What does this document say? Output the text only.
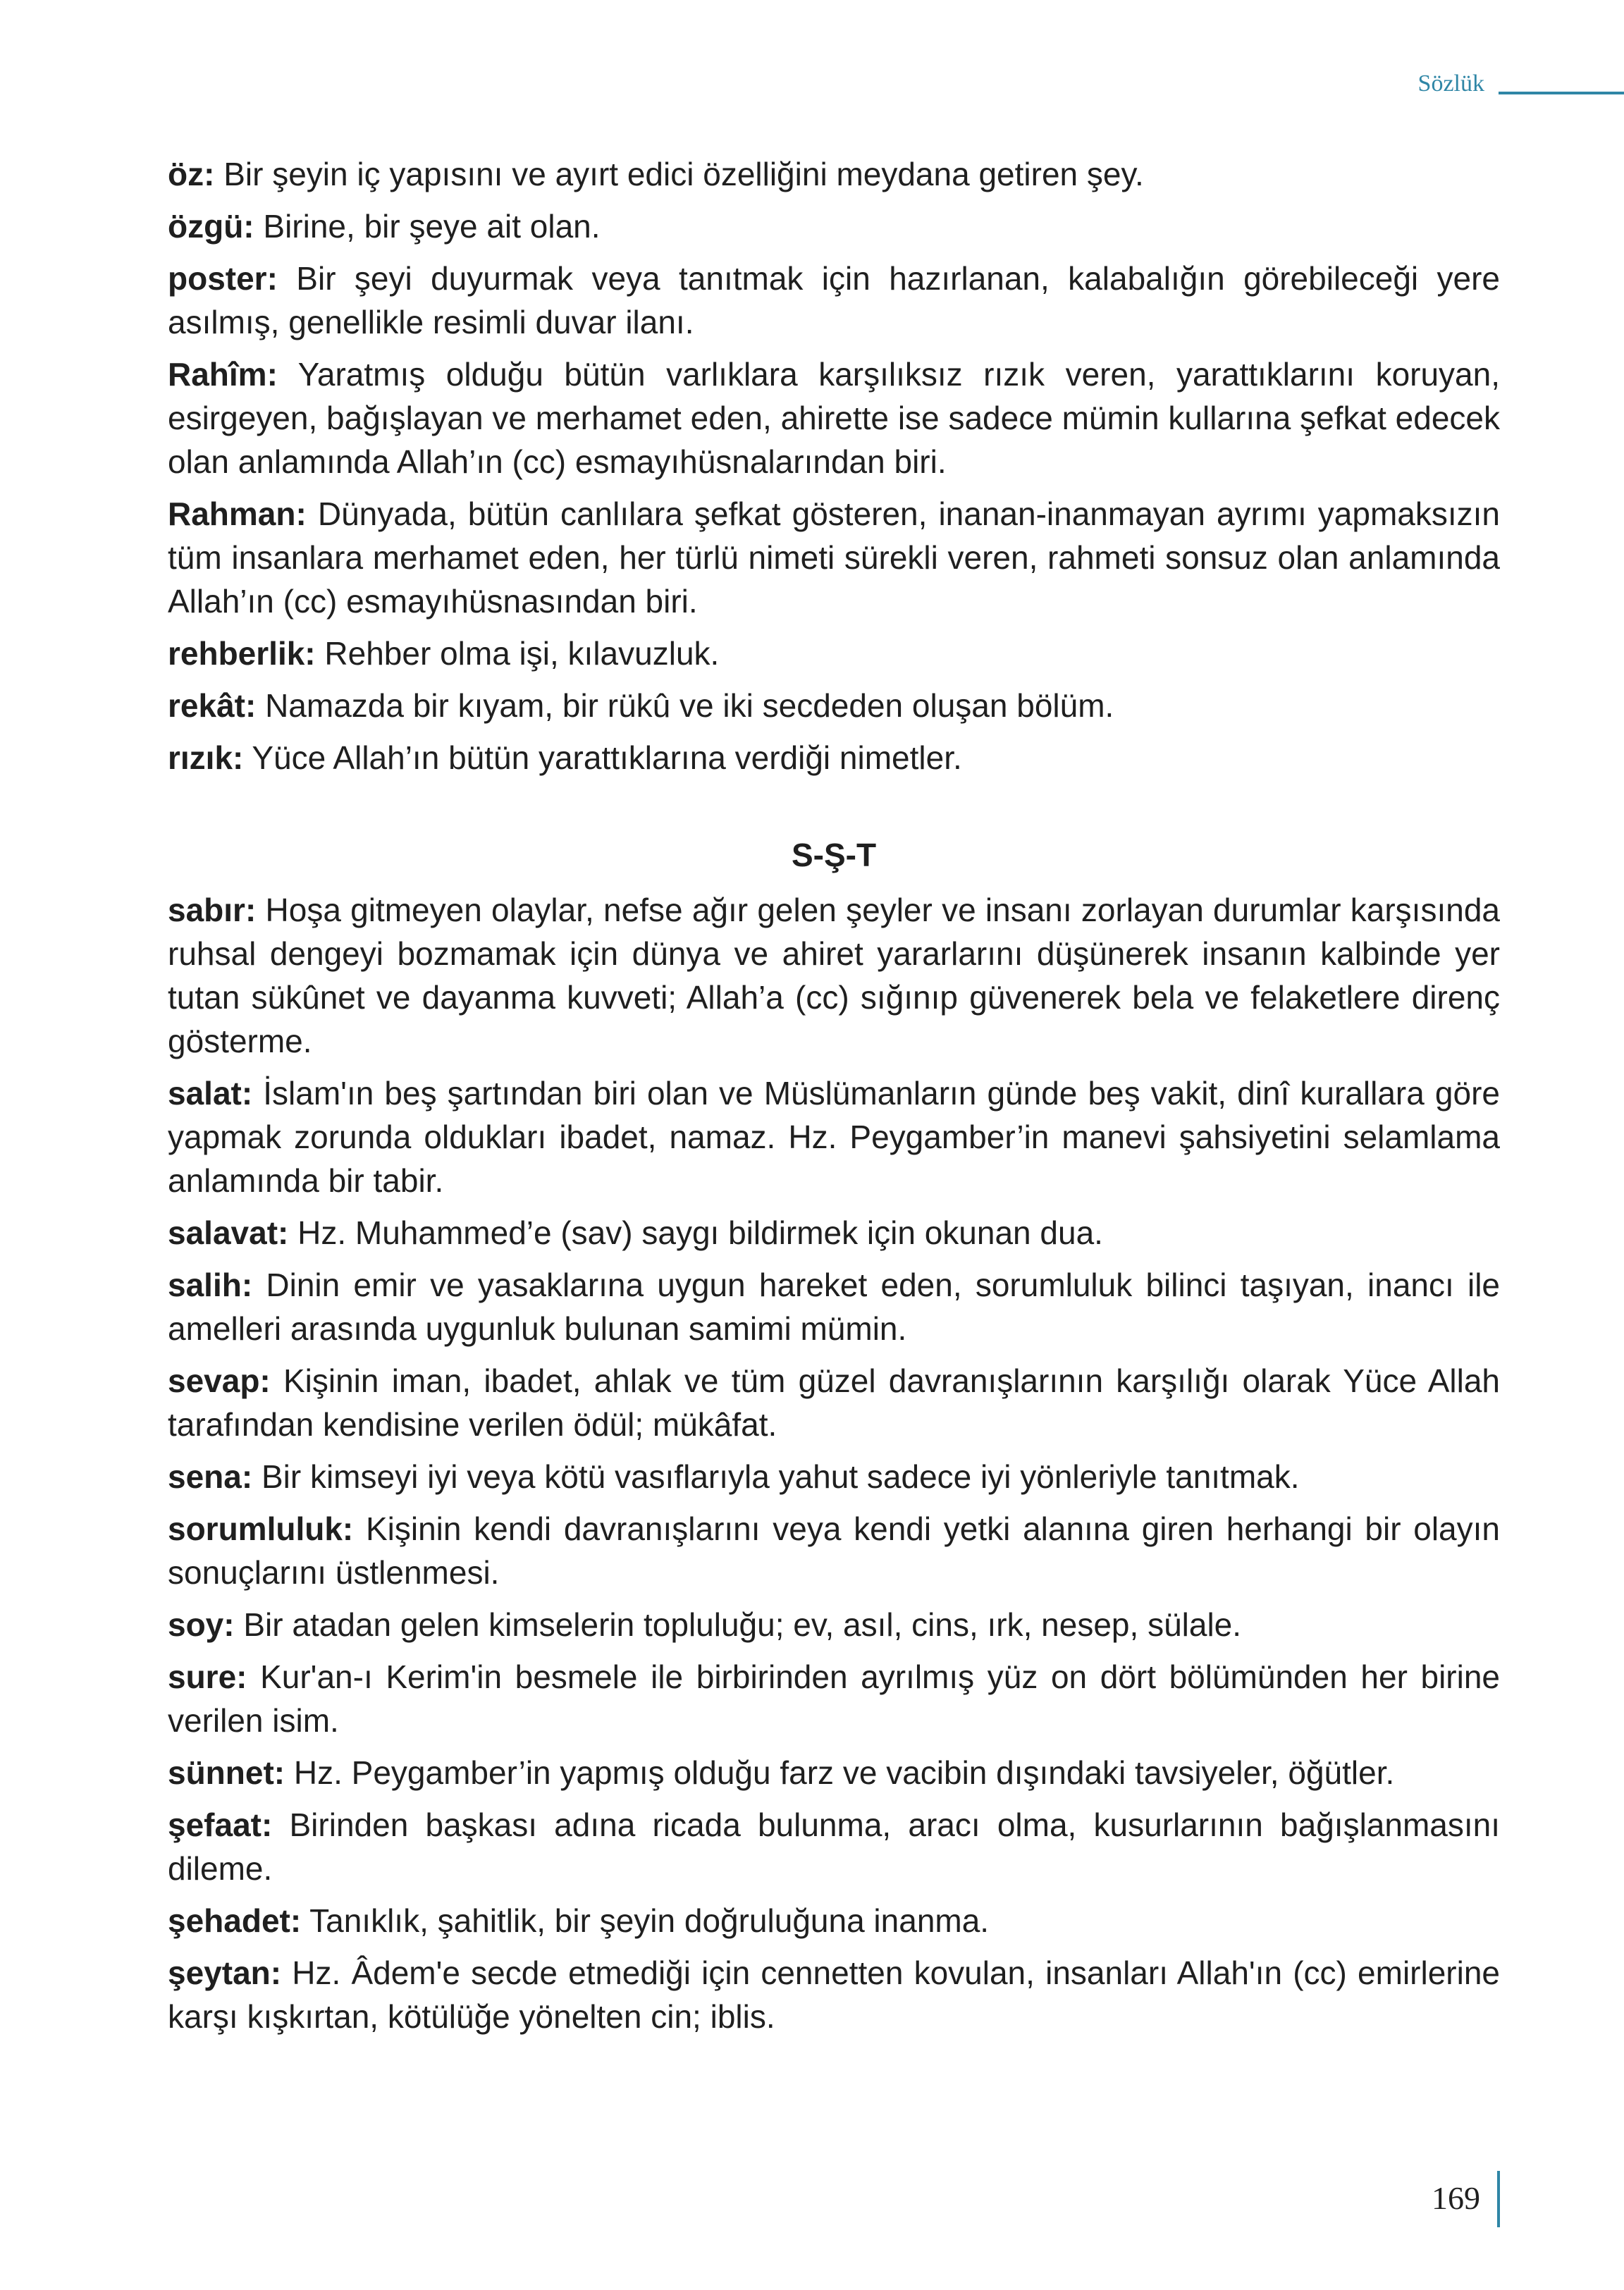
Sözlük

öz: Bir şeyin iç yapısını ve ayırt edici özelliğini meydana getiren şey.

özgü: Birine, bir şeye ait olan.

poster: Bir şeyi duyurmak veya tanıtmak için hazırlanan, kalabalığın görebileceği yere asılmış, genellikle resimli duvar ilanı.

Rahîm: Yaratmış olduğu bütün varlıklara karşılıksız rızık veren, yarattıklarını koruyan, esirgeyen, bağışlayan ve merhamet eden, ahirette ise sadece mümin kullarına şefkat edecek olan anlamında Allah’ın (cc) esmayıhüsnalarından biri.

Rahman: Dünyada, bütün canlılara şefkat gösteren, inanan-inanmayan ayrımı yapmaksızın tüm insanlara merhamet eden, her türlü nimeti sürekli veren, rahmeti sonsuz olan anlamında Allah’ın (cc) esmayıhüsnasından biri.

rehberlik: Rehber olma işi, kılavuzluk.

rekât: Namazda bir kıyam, bir rükû ve iki secdeden oluşan bölüm.

rızık: Yüce Allah’ın bütün yarattıklarına verdiği nimetler.

S-Ş-T

sabır: Hoşa gitmeyen olaylar, nefse ağır gelen şeyler ve insanı zorlayan durumlar karşısında ruhsal dengeyi bozmamak için dünya ve ahiret yararlarını düşünerek insanın kalbinde yer tutan sükûnet ve dayanma kuvveti; Allah’a (cc) sığınıp güvenerek bela ve felaketlere direnç gösterme.

salat: İslam'ın beş şartından biri olan ve Müslümanların günde beş vakit, dinî kurallara göre yapmak zorunda oldukları ibadet, namaz. Hz. Peygamber’in manevi şahsiyetini selamlama anlamında bir tabir.

salavat: Hz. Muhammed’e (sav) saygı bildirmek için okunan dua.

salih: Dinin emir ve yasaklarına uygun hareket eden, sorumluluk bilinci taşıyan, inancı ile amelleri arasında uygunluk bulunan samimi mümin.

sevap: Kişinin iman, ibadet, ahlak ve tüm güzel davranışlarının karşılığı olarak Yüce Allah tarafından kendisine verilen ödül; mükâfat.

sena: Bir kimseyi iyi veya kötü vasıflarıyla yahut sadece iyi yönleriyle tanıtmak.

sorumluluk: Kişinin kendi davranışlarını veya kendi yetki alanına giren herhangi bir olayın sonuçlarını üstlenmesi.

soy: Bir atadan gelen kimselerin topluluğu; ev, asıl, cins, ırk, nesep, sülale.

sure: Kur'an-ı Kerim'in besmele ile birbirinden ayrılmış yüz on dört bölümünden her birine verilen isim.

sünnet: Hz. Peygamber’in yapmış olduğu farz ve vacibin dışındaki tavsiyeler, öğütler.

şefaat: Birinden başkası adına ricada bulunma, aracı olma, kusurlarının bağışlanmasını dileme.

şehadet: Tanıklık, şahitlik, bir şeyin doğruluğuna inanma.

şeytan: Hz. Âdem'e secde etmediği için cennetten kovulan, insanları Allah'ın (cc) emirlerine karşı kışkırtan, kötülüğe yönelten cin; iblis.

169
